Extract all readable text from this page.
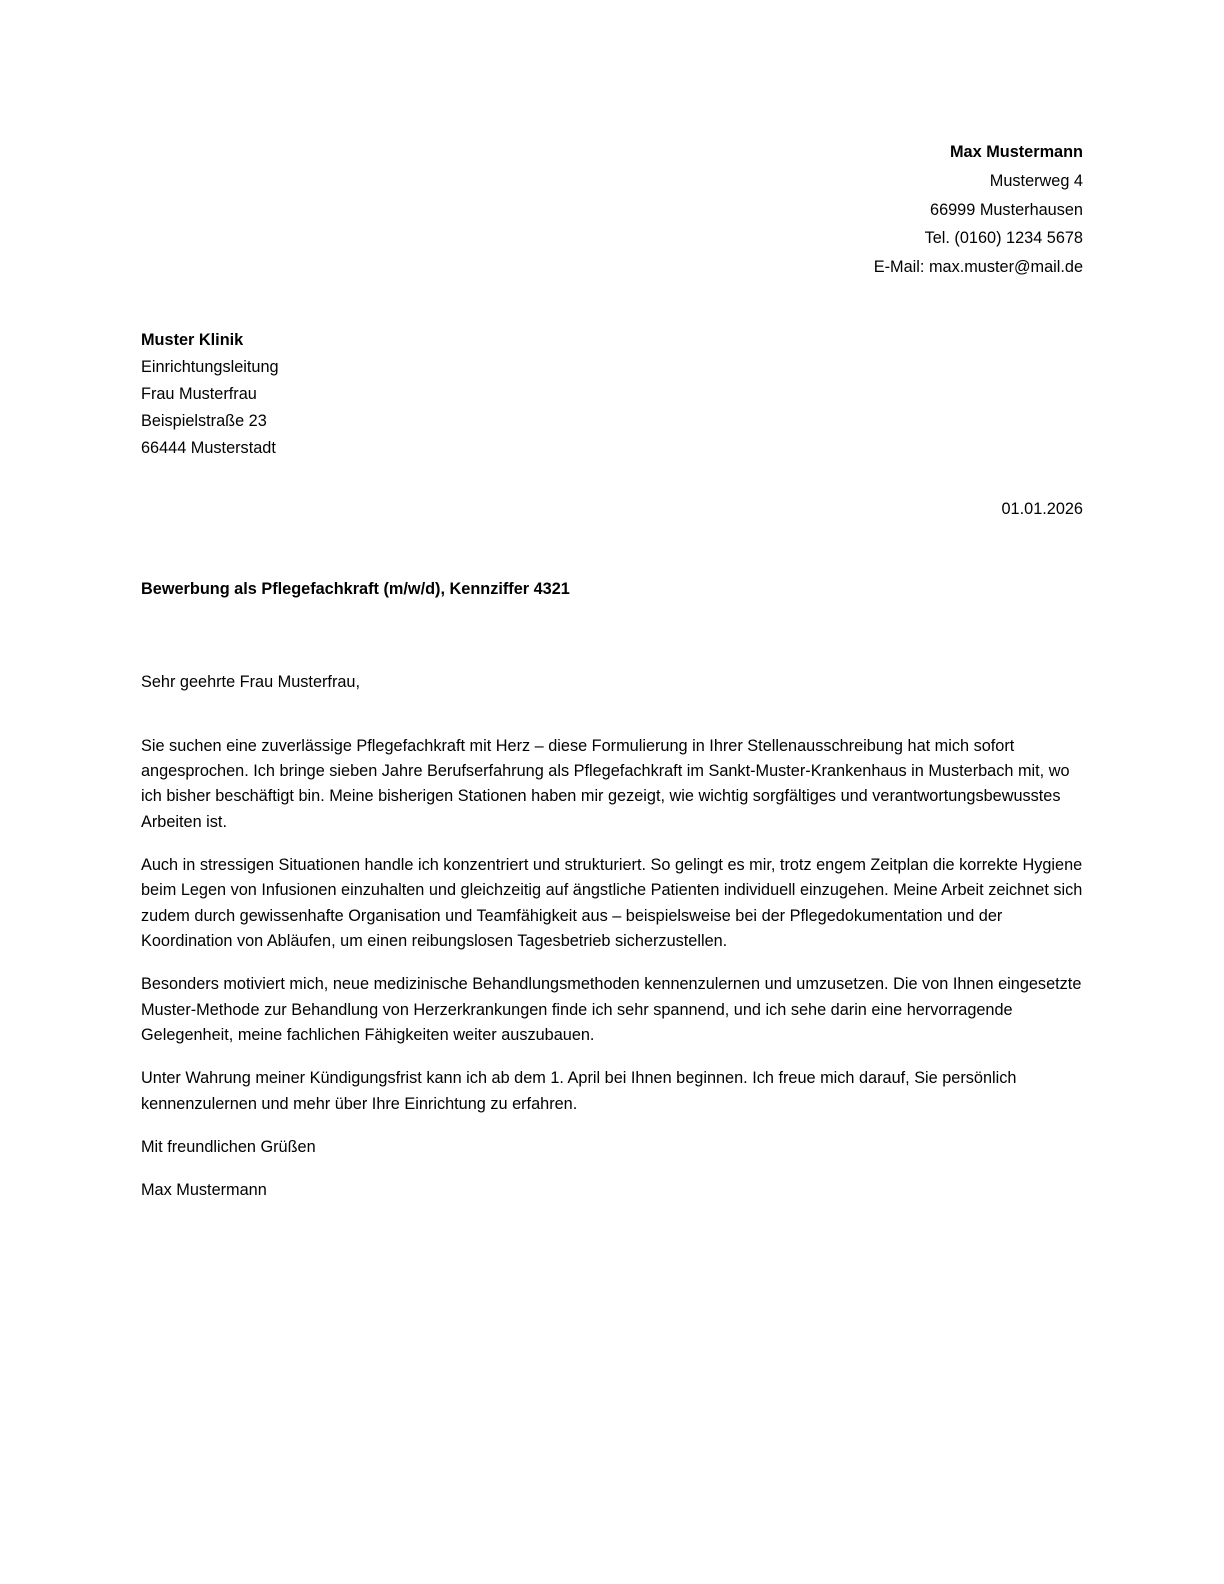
Max Mustermann
Musterweg 4
66999 Musterhausen
Tel. (0160) 1234 5678
E-Mail: max.muster@mail.de
Muster Klinik
Einrichtungsleitung
Frau Musterfrau
Beispielstraße 23
66444 Musterstadt
01.01.2026
Bewerbung als Pflegefachkraft (m/w/d), Kennziffer 4321
Sehr geehrte Frau Musterfrau,

Sie suchen eine zuverlässige Pflegefachkraft mit Herz – diese Formulierung in Ihrer Stellenausschreibung hat mich sofort angesprochen. Ich bringe sieben Jahre Berufserfahrung als Pflegefachkraft im Sankt-Muster-Krankenhaus in Musterbach mit, wo ich bisher beschäftigt bin. Meine bisherigen Stationen haben mir gezeigt, wie wichtig sorgfältiges und verantwortungsbewusstes Arbeiten ist.

Auch in stressigen Situationen handle ich konzentriert und strukturiert. So gelingt es mir, trotz engem Zeitplan die korrekte Hygiene beim Legen von Infusionen einzuhalten und gleichzeitig auf ängstliche Patienten individuell einzugehen. Meine Arbeit zeichnet sich zudem durch gewissenhafte Organisation und Teamfähigkeit aus – beispielsweise bei der Pflegedokumentation und der Koordination von Abläufen, um einen reibungslosen Tagesbetrieb sicherzustellen.

Besonders motiviert mich, neue medizinische Behandlungsmethoden kennenzulernen und umzusetzen. Die von Ihnen eingesetzte Muster-Methode zur Behandlung von Herzerkrankungen finde ich sehr spannend, und ich sehe darin eine hervorragende Gelegenheit, meine fachlichen Fähigkeiten weiter auszubauen.

Unter Wahrung meiner Kündigungsfrist kann ich ab dem 1. April bei Ihnen beginnen. Ich freue mich darauf, Sie persönlich kennenzulernen und mehr über Ihre Einrichtung zu erfahren.

Mit freundlichen Grüßen
Max Mustermann
